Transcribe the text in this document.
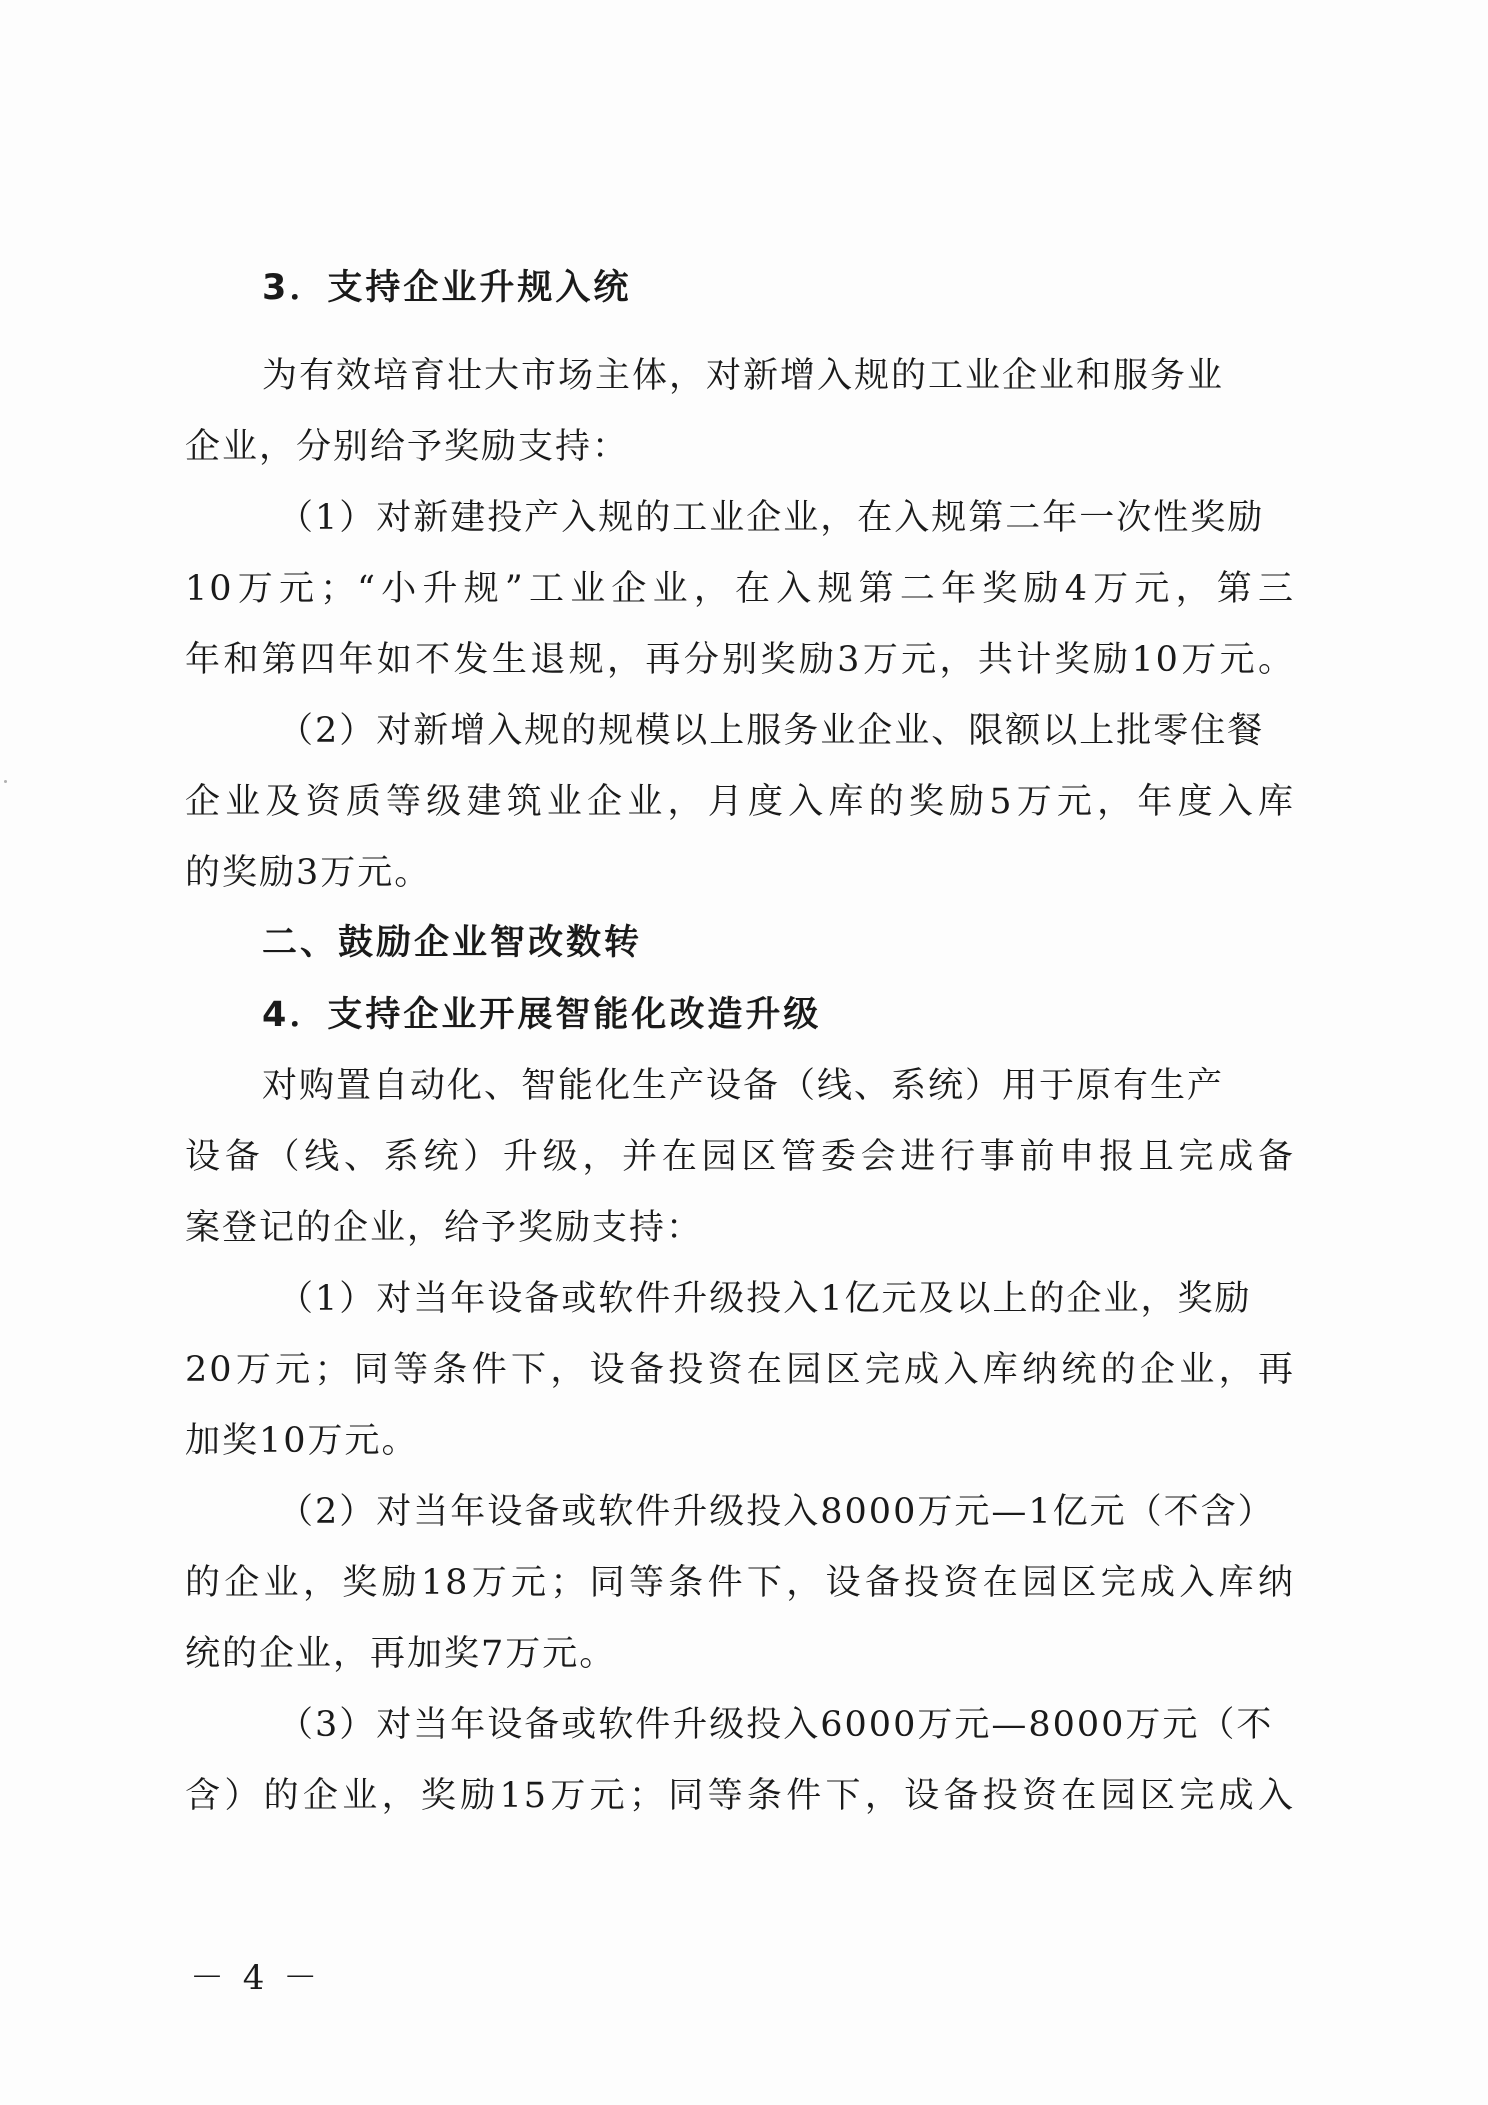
3．支持企业升规入统
为有效培育壮大市场主体，对新增入规的工业企业和服务业
企业，分别给予奖励支持：
（1）对新建投产入规的工业企业，在入规第二年一次性奖励
10万元；“小升规”工业企业，在入规第二年奖励4万元，第三
年和第四年如不发生退规，再分别奖励3万元，共计奖励10万元。
（2）对新增入规的规模以上服务业企业、限额以上批零住餐
企业及资质等级建筑业企业，月度入库的奖励5万元，年度入库
的奖励3万元。
二、鼓励企业智改数转
4．支持企业开展智能化改造升级
对购置自动化、智能化生产设备（线、系统）用于原有生产
设备（线、系统）升级，并在园区管委会进行事前申报且完成备
案登记的企业，给予奖励支持：
（1）对当年设备或软件升级投入1亿元及以上的企业，奖励
20万元；同等条件下，设备投资在园区完成入库纳统的企业，再
加奖10万元。
（2）对当年设备或软件升级投入8000万元—1亿元（不含）
的企业，奖励18万元；同等条件下，设备投资在园区完成入库纳
统的企业，再加奖7万元。
（3）对当年设备或软件升级投入6000万元—8000万元（不
含）的企业，奖励15万元；同等条件下，设备投资在园区完成入
－ 4 －
